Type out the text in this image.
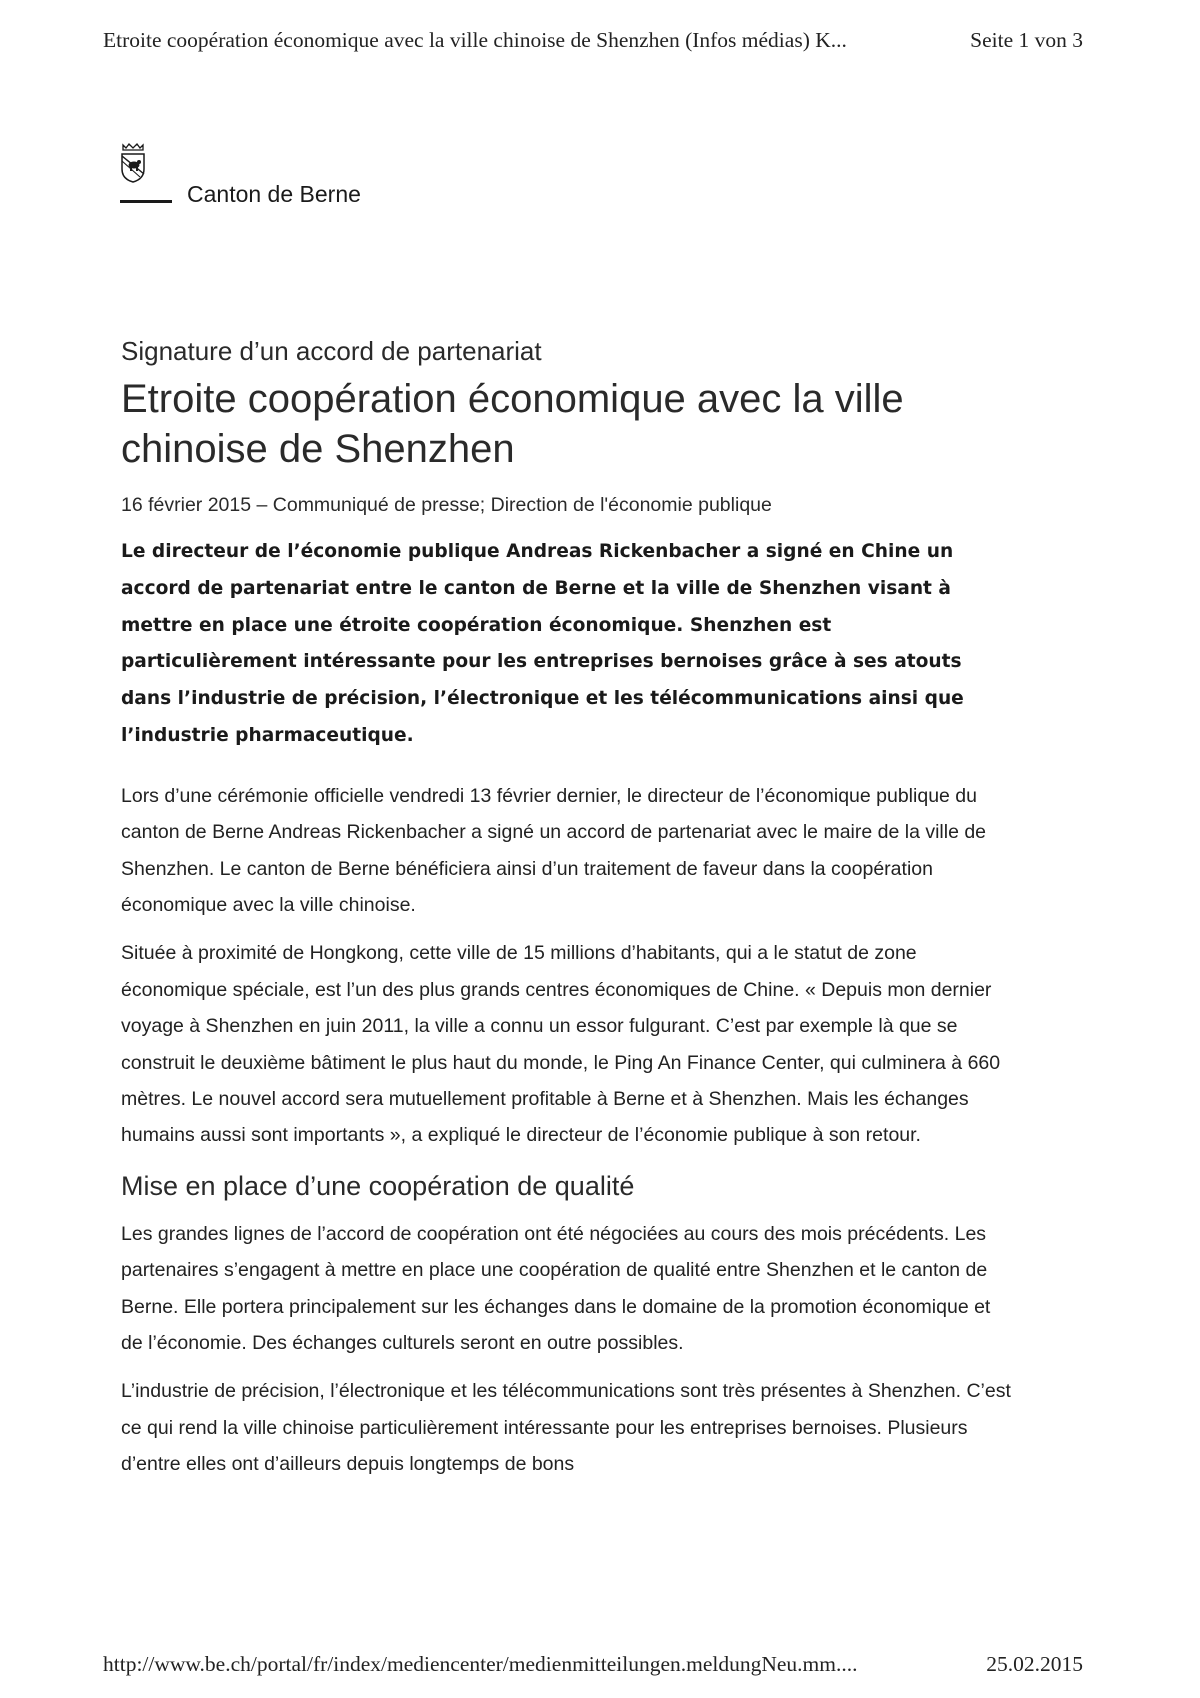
Etroite coopération économique avec la ville chinoise de Shenzhen (Infos médias) K...	Seite 1 von 3
Canton de Berne
Signature d’un accord de partenariat
Etroite coopération économique avec la ville chinoise de Shenzhen
16 février 2015 – Communiqué de presse; Direction de l'économie publique

Le directeur de l’économie publique Andreas Rickenbacher a signé en Chine un accord de partenariat entre le canton de Berne et la ville de Shenzhen visant à mettre en place une étroite coopération économique. Shenzhen est particulièrement intéressante pour les entreprises bernoises grâce à ses atouts dans l’industrie de précision, l’électronique et les télécommunications ainsi que l’industrie pharmaceutique.

Lors d’une cérémonie officielle vendredi 13 février dernier, le directeur de l’économique publique du canton de Berne Andreas Rickenbacher a signé un accord de partenariat avec le maire de la ville de Shenzhen. Le canton de Berne bénéficiera ainsi d’un traitement de faveur dans la coopération économique avec la ville chinoise.

Située à proximité de Hongkong, cette ville de 15 millions d’habitants, qui a le statut de zone économique spéciale, est l’un des plus grands centres économiques de Chine. « Depuis mon dernier voyage à Shenzhen en juin 2011, la ville a connu un essor fulgurant. C’est par exemple là que se construit le deuxième bâtiment le plus haut du monde, le Ping An Finance Center, qui culminera à 660 mètres. Le nouvel accord sera mutuellement profitable à Berne et à Shenzhen. Mais les échanges humains aussi sont importants », a expliqué le directeur de l’économie publique à son retour.

Mise en place d’une coopération de qualité

Les grandes lignes de l’accord de coopération ont été négociées au cours des mois précédents. Les partenaires s’engagent à mettre en place une coopération de qualité entre Shenzhen et le canton de Berne. Elle portera principalement sur les échanges dans le domaine de la promotion économique et de l’économie. Des échanges culturels seront en outre possibles.

L’industrie de précision, l’électronique et les télécommunications sont très présentes à Shenzhen. C’est ce qui rend la ville chinoise particulièrement intéressante pour les entreprises bernoises. Plusieurs d’entre elles ont d’ailleurs depuis longtemps de bons

http://www.be.ch/portal/fr/index/mediencenter/medienmitteilungen.meldungNeu.mm....	25.02.2015
